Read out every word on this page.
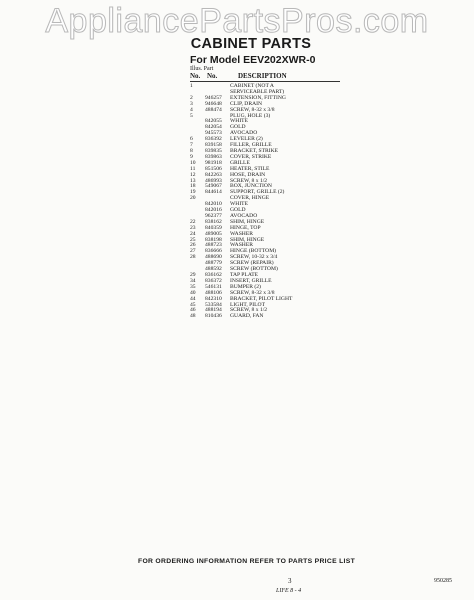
AppliancePartsPros.com
CABINET PARTS
For Model EEV202XWR-0
Illus. Part
No. No.	DESCRIPTION
1	CABINET (NOT A
SERVICEABLE PART)
2	946257	EXTENSION, FITTING
3	946648	CLIP, DRAIN
4	488474	SCREW, 8-32 x 3/8
5	PLUG, HOLE (3)
842055	WHITE
842054	GOLD
945573	AVOCADO
6	836392	LEVELER (2)
7	839158	FILLER, GRILLE
8	839835	BRACKET, STRIKE
9	839863	COVER, STRIKE
10	981918	GRILLE
11	851506	HEATER, STILE
12	842263	HOSE, DRAIN
13	486993	SCREW, 8 x 1/2
18	549067	BOX, JUNCTION
19	844614	SUPPORT, GRILLE (2)
20	COVER, HINGE
842010	WHITE
842016	GOLD
962377	AVOCADO
22	838162	SHIM, HINGE
23	840359	HINGE, TOP
24	489005	WASHER
25	838198	SHIM, HINGE
26	488723	WASHER
27	836666	HINGE (BOTTOM)
28	488690	SCREW, 10-32 x 3/4
488779	SCREW (REPAIR)
488592	SCREW (BOTTOM)
29	836162	TAP PLATE
34	836372	INSERT, GRILLE
35	546131	BUMPER (2)
40	488106	SCREW, 8-32 x 3/8
44	842310	BRACKET, PILOT LIGHT
45	533584	LIGHT, PILOT
46	488194	SCREW, 8 x 1/2
48	810436	GUARD, FAN
FOR ORDERING INFORMATION REFER TO PARTS PRICE LIST
3	950285
LIFE 8 - 4
